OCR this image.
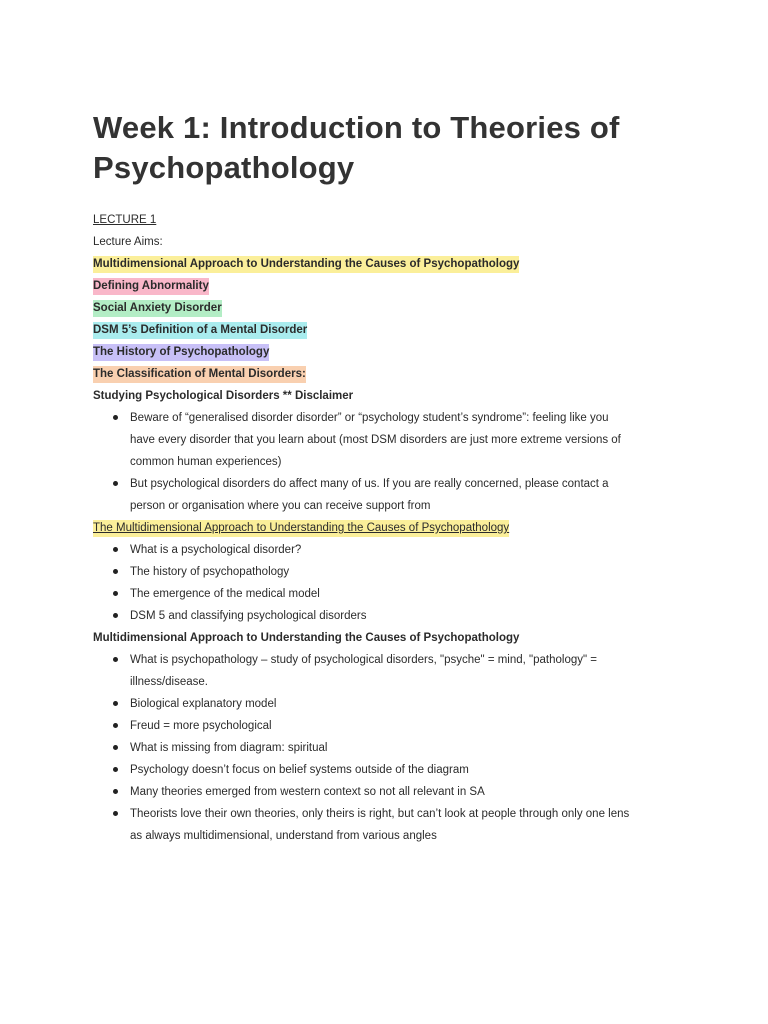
Week 1: Introduction to Theories of Psychopathology
LECTURE 1
Lecture Aims:
Multidimensional Approach to Understanding the Causes of Psychopathology
Defining Abnormality
Social Anxiety Disorder
DSM 5’s Definition of a Mental Disorder
The History of Psychopathology
The Classification of Mental Disorders:
Studying Psychological Disorders ** Disclaimer
Beware of “generalised disorder disorder” or “psychology student’s syndrome”: feeling like you
have every disorder that you learn about (most DSM disorders are just more extreme versions of
common human experiences)
But psychological disorders do affect many of us. If you are really concerned, please contact a
person or organisation where you can receive support from
The Multidimensional Approach to Understanding the Causes of Psychopathology
What is a psychological disorder?
The history of psychopathology
The emergence of the medical model
DSM 5 and classifying psychological disorders
Multidimensional Approach to Understanding the Causes of Psychopathology
What is psychopathology – study of psychological disorders, "psyche" = mind, "pathology" =
illness/disease.
Biological explanatory model
Freud = more psychological
What is missing from diagram: spiritual
Psychology doesn’t focus on belief systems outside of the diagram
Many theories emerged from western context so not all relevant in SA
Theorists love their own theories, only theirs is right, but can’t look at people through only one lens
as always multidimensional, understand from various angles
